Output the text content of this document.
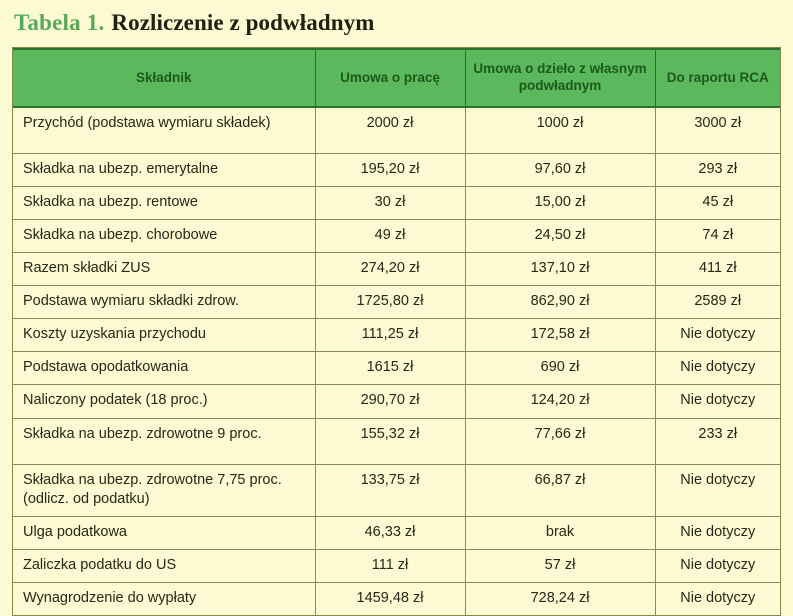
Tabela 1. Rozliczenie z podwładnym
Składnik	Umowa o pracę	Umowa o dzieło z własnym podwładnym	Do raportu RCA
Przychód (podstawa wymiaru składek)	2000 zł	1000 zł	3000 zł
Składka na ubezp. emerytalne	195,20 zł	97,60 zł	293 zł
Składka na ubezp. rentowe	30 zł	15,00 zł	45 zł
Składka na ubezp. chorobowe	49 zł	24,50 zł	74 zł
Razem składki ZUS	274,20 zł	137,10 zł	411 zł
Podstawa wymiaru składki zdrow.	1725,80 zł	862,90 zł	2589 zł
Koszty uzyskania przychodu	111,25 zł	172,58 zł	Nie dotyczy
Podstawa opodatkowania	1615 zł	690 zł	Nie dotyczy
Naliczony podatek (18 proc.)	290,70 zł	124,20 zł	Nie dotyczy
Składka na ubezp. zdrowotne 9 proc.	155,32 zł	77,66 zł	233 zł
Składka na ubezp. zdrowotne 7,75 proc. (odlicz. od podatku)	133,75 zł	66,87 zł	Nie dotyczy
Ulga podatkowa	46,33 zł	brak	Nie dotyczy
Zaliczka podatku do US	111 zł	57 zł	Nie dotyczy
Wynagrodzenie do wypłaty	1459,48 zł	728,24 zł	Nie dotyczy
